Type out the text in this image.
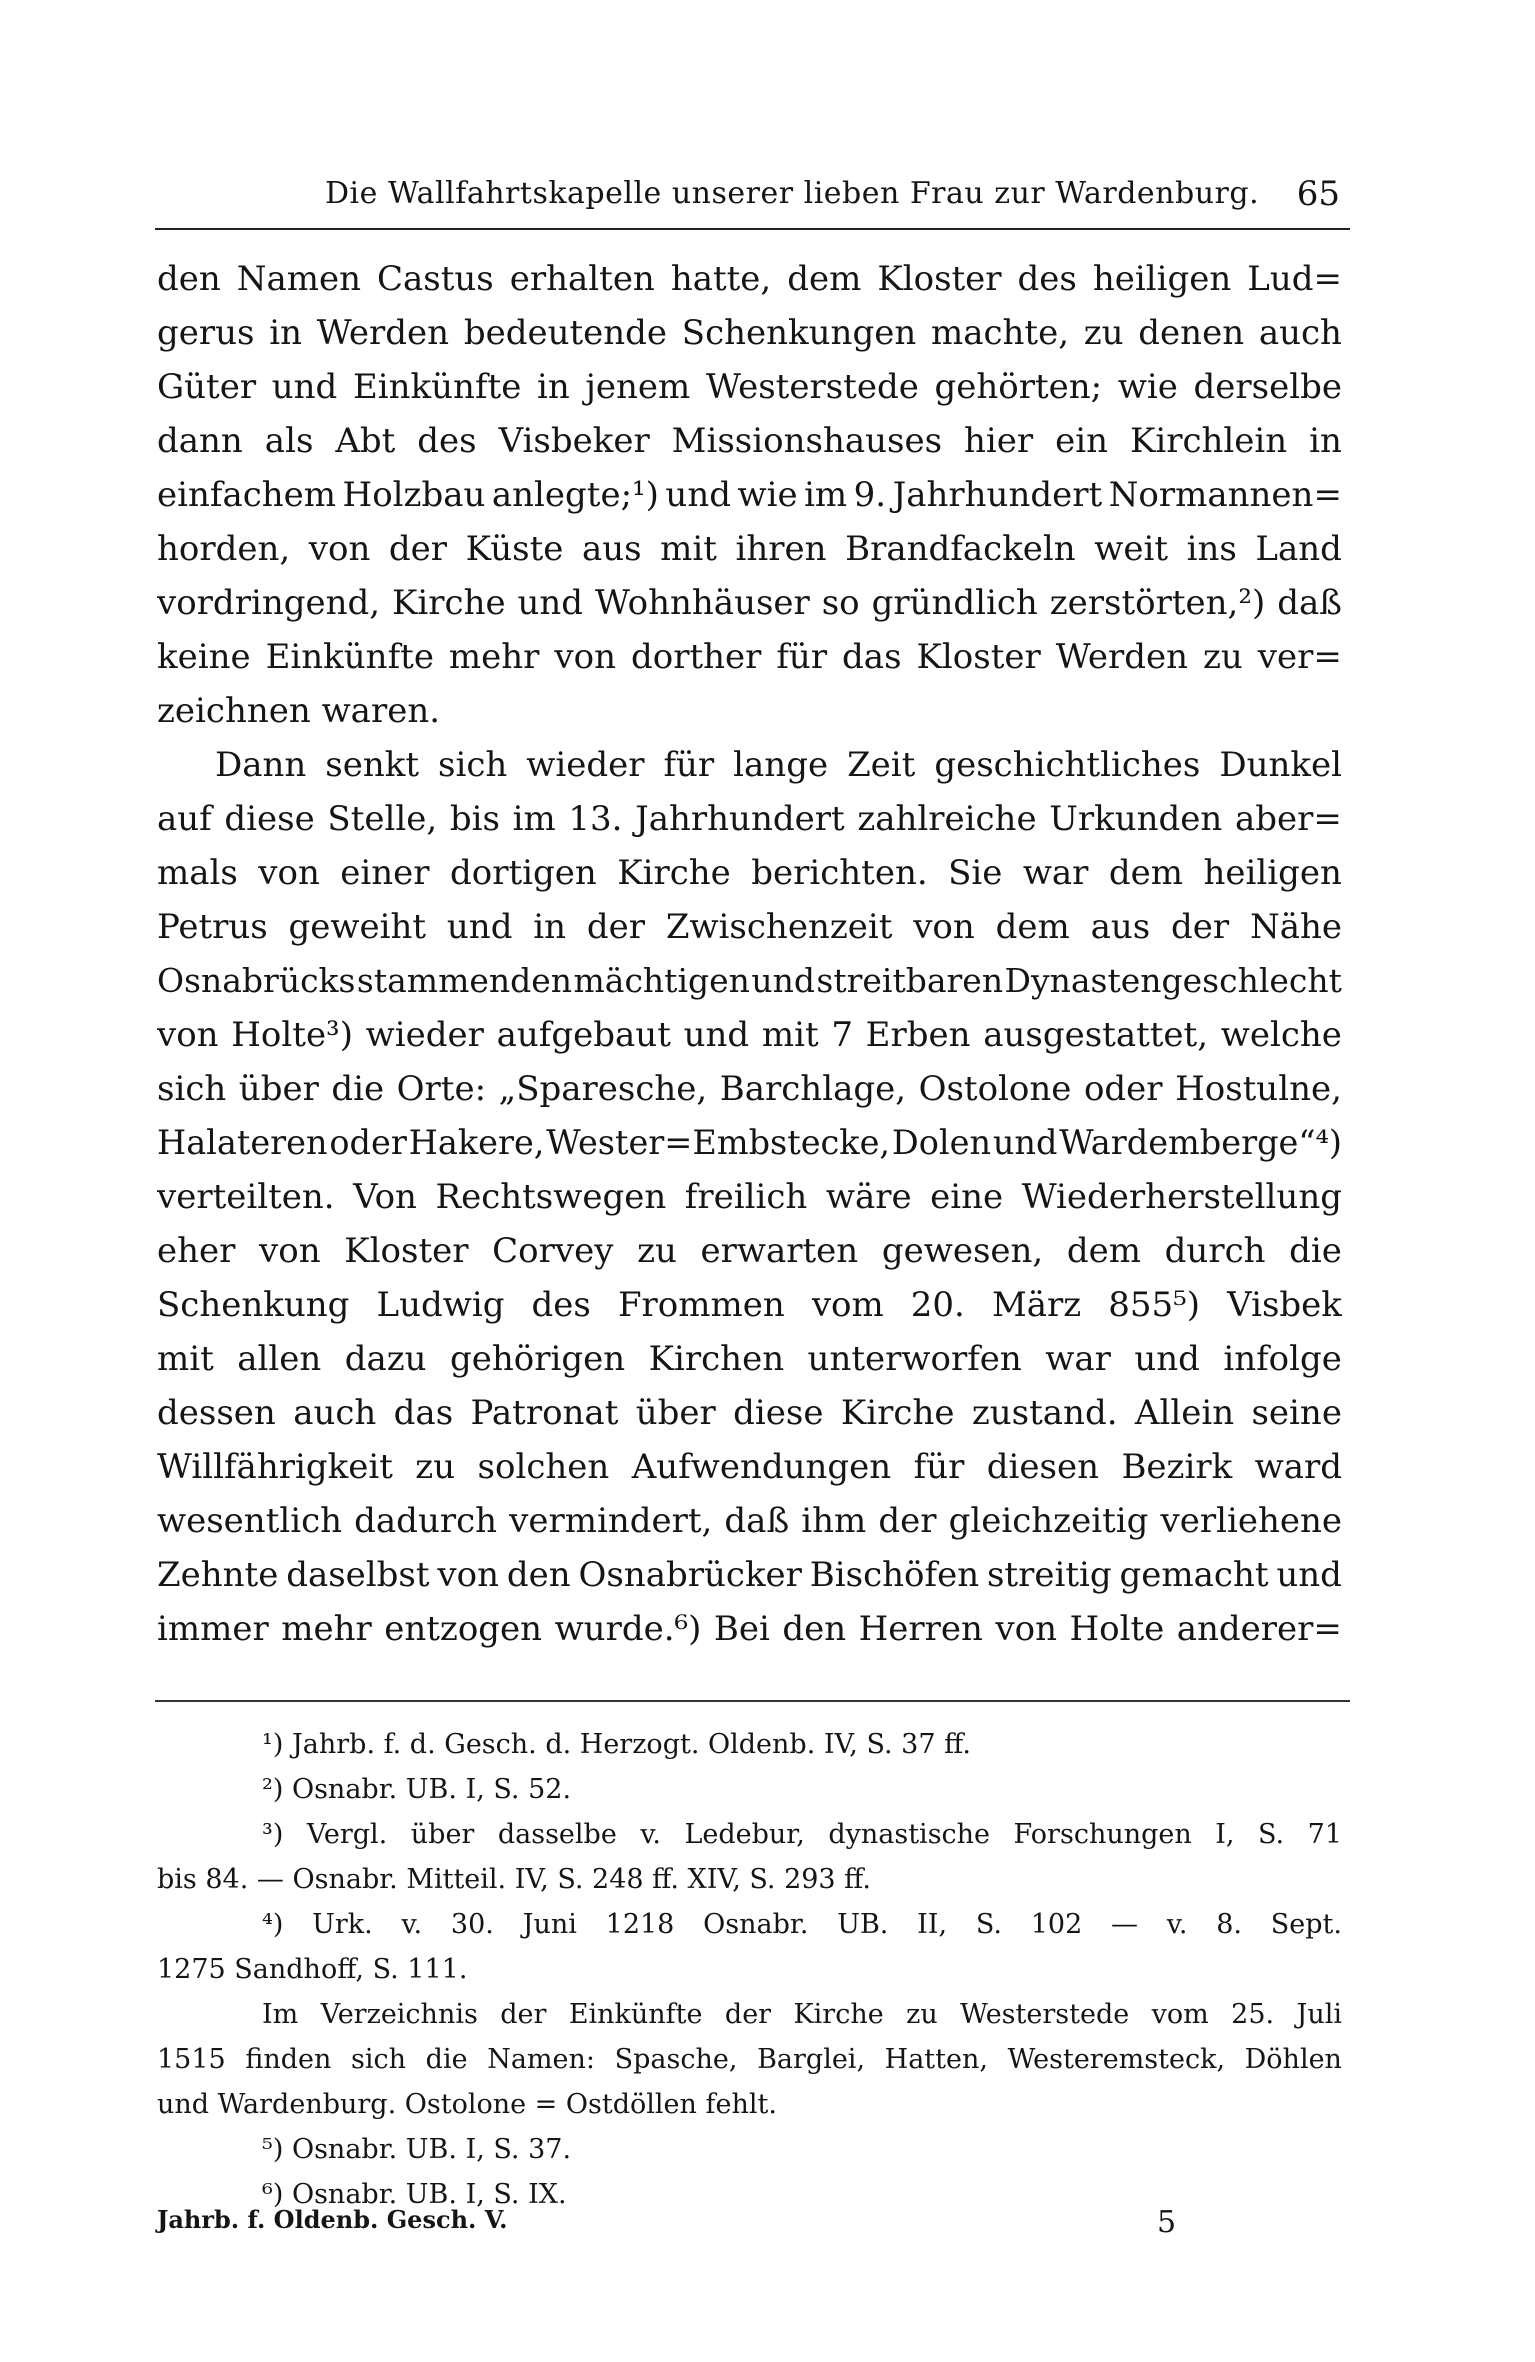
Die Wallfahrtskapelle unserer lieben Frau zur Wardenburg. 65
den Namen Castus erhalten hatte, dem Kloster des heiligen Lud=
gerus in Werden bedeutende Schenkungen machte, zu denen auch
Güter und Einkünfte in jenem Westerstede gehörten; wie derselbe
dann als Abt des Visbeker Missionshauses hier ein Kirchlein in
einfachem Holzbau anlegte;¹) und wie im 9. Jahrhundert Normannen=
horden, von der Küste aus mit ihren Brandfackeln weit ins Land
vordringend, Kirche und Wohnhäuser so gründlich zerstörten,²) daß
keine Einkünfte mehr von dorther für das Kloster Werden zu ver=
zeichnen waren.
Dann senkt sich wieder für lange Zeit geschichtliches Dunkel
auf diese Stelle, bis im 13. Jahrhundert zahlreiche Urkunden aber=
mals von einer dortigen Kirche berichten. Sie war dem heiligen
Petrus geweiht und in der Zwischenzeit von dem aus der Nähe
Osnabrücks stammenden mächtigen und streitbaren Dynastengeschlecht
von Holte³) wieder aufgebaut und mit 7 Erben ausgestattet, welche
sich über die Orte: „Sparesche, Barchlage, Ostolone oder Hostulne,
Halateren oder Hakere, Wester=Embstecke, Dolen und Wardemberge“⁴)
verteilten. Von Rechtswegen freilich wäre eine Wiederherstellung
eher von Kloster Corvey zu erwarten gewesen, dem durch die
Schenkung Ludwig des Frommen vom 20. März 855⁵) Visbek
mit allen dazu gehörigen Kirchen unterworfen war und infolge
dessen auch das Patronat über diese Kirche zustand. Allein seine
Willfährigkeit zu solchen Aufwendungen für diesen Bezirk ward
wesentlich dadurch vermindert, daß ihm der gleichzeitig verliehene
Zehnte daselbst von den Osnabrücker Bischöfen streitig gemacht und
immer mehr entzogen wurde.⁶) Bei den Herren von Holte anderer=
¹) Jahrb. f. d. Gesch. d. Herzogt. Oldenb. IV, S. 37 ff.
²) Osnabr. UB. I, S. 52.
³) Vergl. über dasselbe v. Ledebur, dynastische Forschungen I, S. 71
bis 84. — Osnabr. Mitteil. IV, S. 248 ff. XIV, S. 293 ff.
⁴) Urk. v. 30. Juni 1218 Osnabr. UB. II, S. 102 — v. 8. Sept.
1275 Sandhoff, S. 111.
Im Verzeichnis der Einkünfte der Kirche zu Westerstede vom 25. Juli
1515 finden sich die Namen: Spasche, Barglei, Hatten, Westeremsteck, Döhlen
und Wardenburg. Ostolone = Ostdöllen fehlt.
⁵) Osnabr. UB. I, S. 37.
⁶) Osnabr. UB. I, S. IX.
Jahrb. f. Oldenb. Gesch. V.	5
